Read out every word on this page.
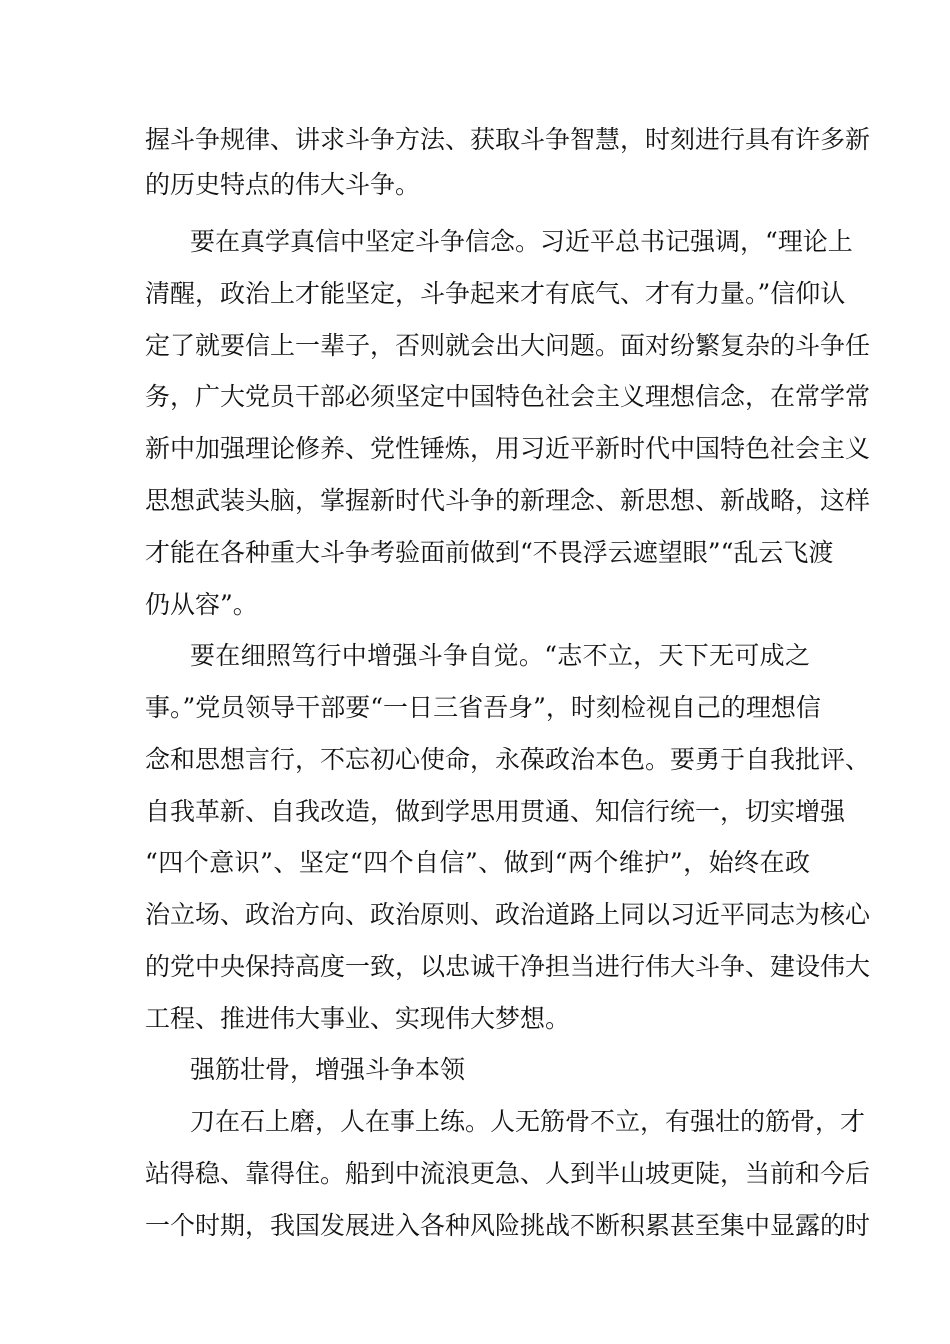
握斗争规律、讲求斗争方法、获取斗争智慧，时刻进行具有许多新
的历史特点的伟大斗争。
要在真学真信中坚定斗争信念。习近平总书记强调，“理论上
清醒，政治上才能坚定，斗争起来才有底气、才有力量。”信仰认
定了就要信上一辈子，否则就会出大问题。面对纷繁复杂的斗争任
务，广大党员干部必须坚定中国特色社会主义理想信念，在常学常
新中加强理论修养、党性锤炼，用习近平新时代中国特色社会主义
思想武装头脑，掌握新时代斗争的新理念、新思想、新战略，这样
才能在各种重大斗争考验面前做到“不畏浮云遮望眼”“乱云飞渡
仍从容”。
要在细照笃行中增强斗争自觉。“志不立，天下无可成之
事。”党员领导干部要“一日三省吾身”，时刻检视自己的理想信
念和思想言行，不忘初心使命，永葆政治本色。要勇于自我批评、
自我革新、自我改造，做到学思用贯通、知信行统一，切实增强
“四个意识”、坚定“四个自信”、做到“两个维护”，始终在政
治立场、政治方向、政治原则、政治道路上同以习近平同志为核心
的党中央保持高度一致，以忠诚干净担当进行伟大斗争、建设伟大
工程、推进伟大事业、实现伟大梦想。
强筋壮骨，增强斗争本领
刀在石上磨，人在事上练。人无筋骨不立，有强壮的筋骨，才
站得稳、靠得住。船到中流浪更急、人到半山坡更陡，当前和今后
一个时期，我国发展进入各种风险挑战不断积累甚至集中显露的时
